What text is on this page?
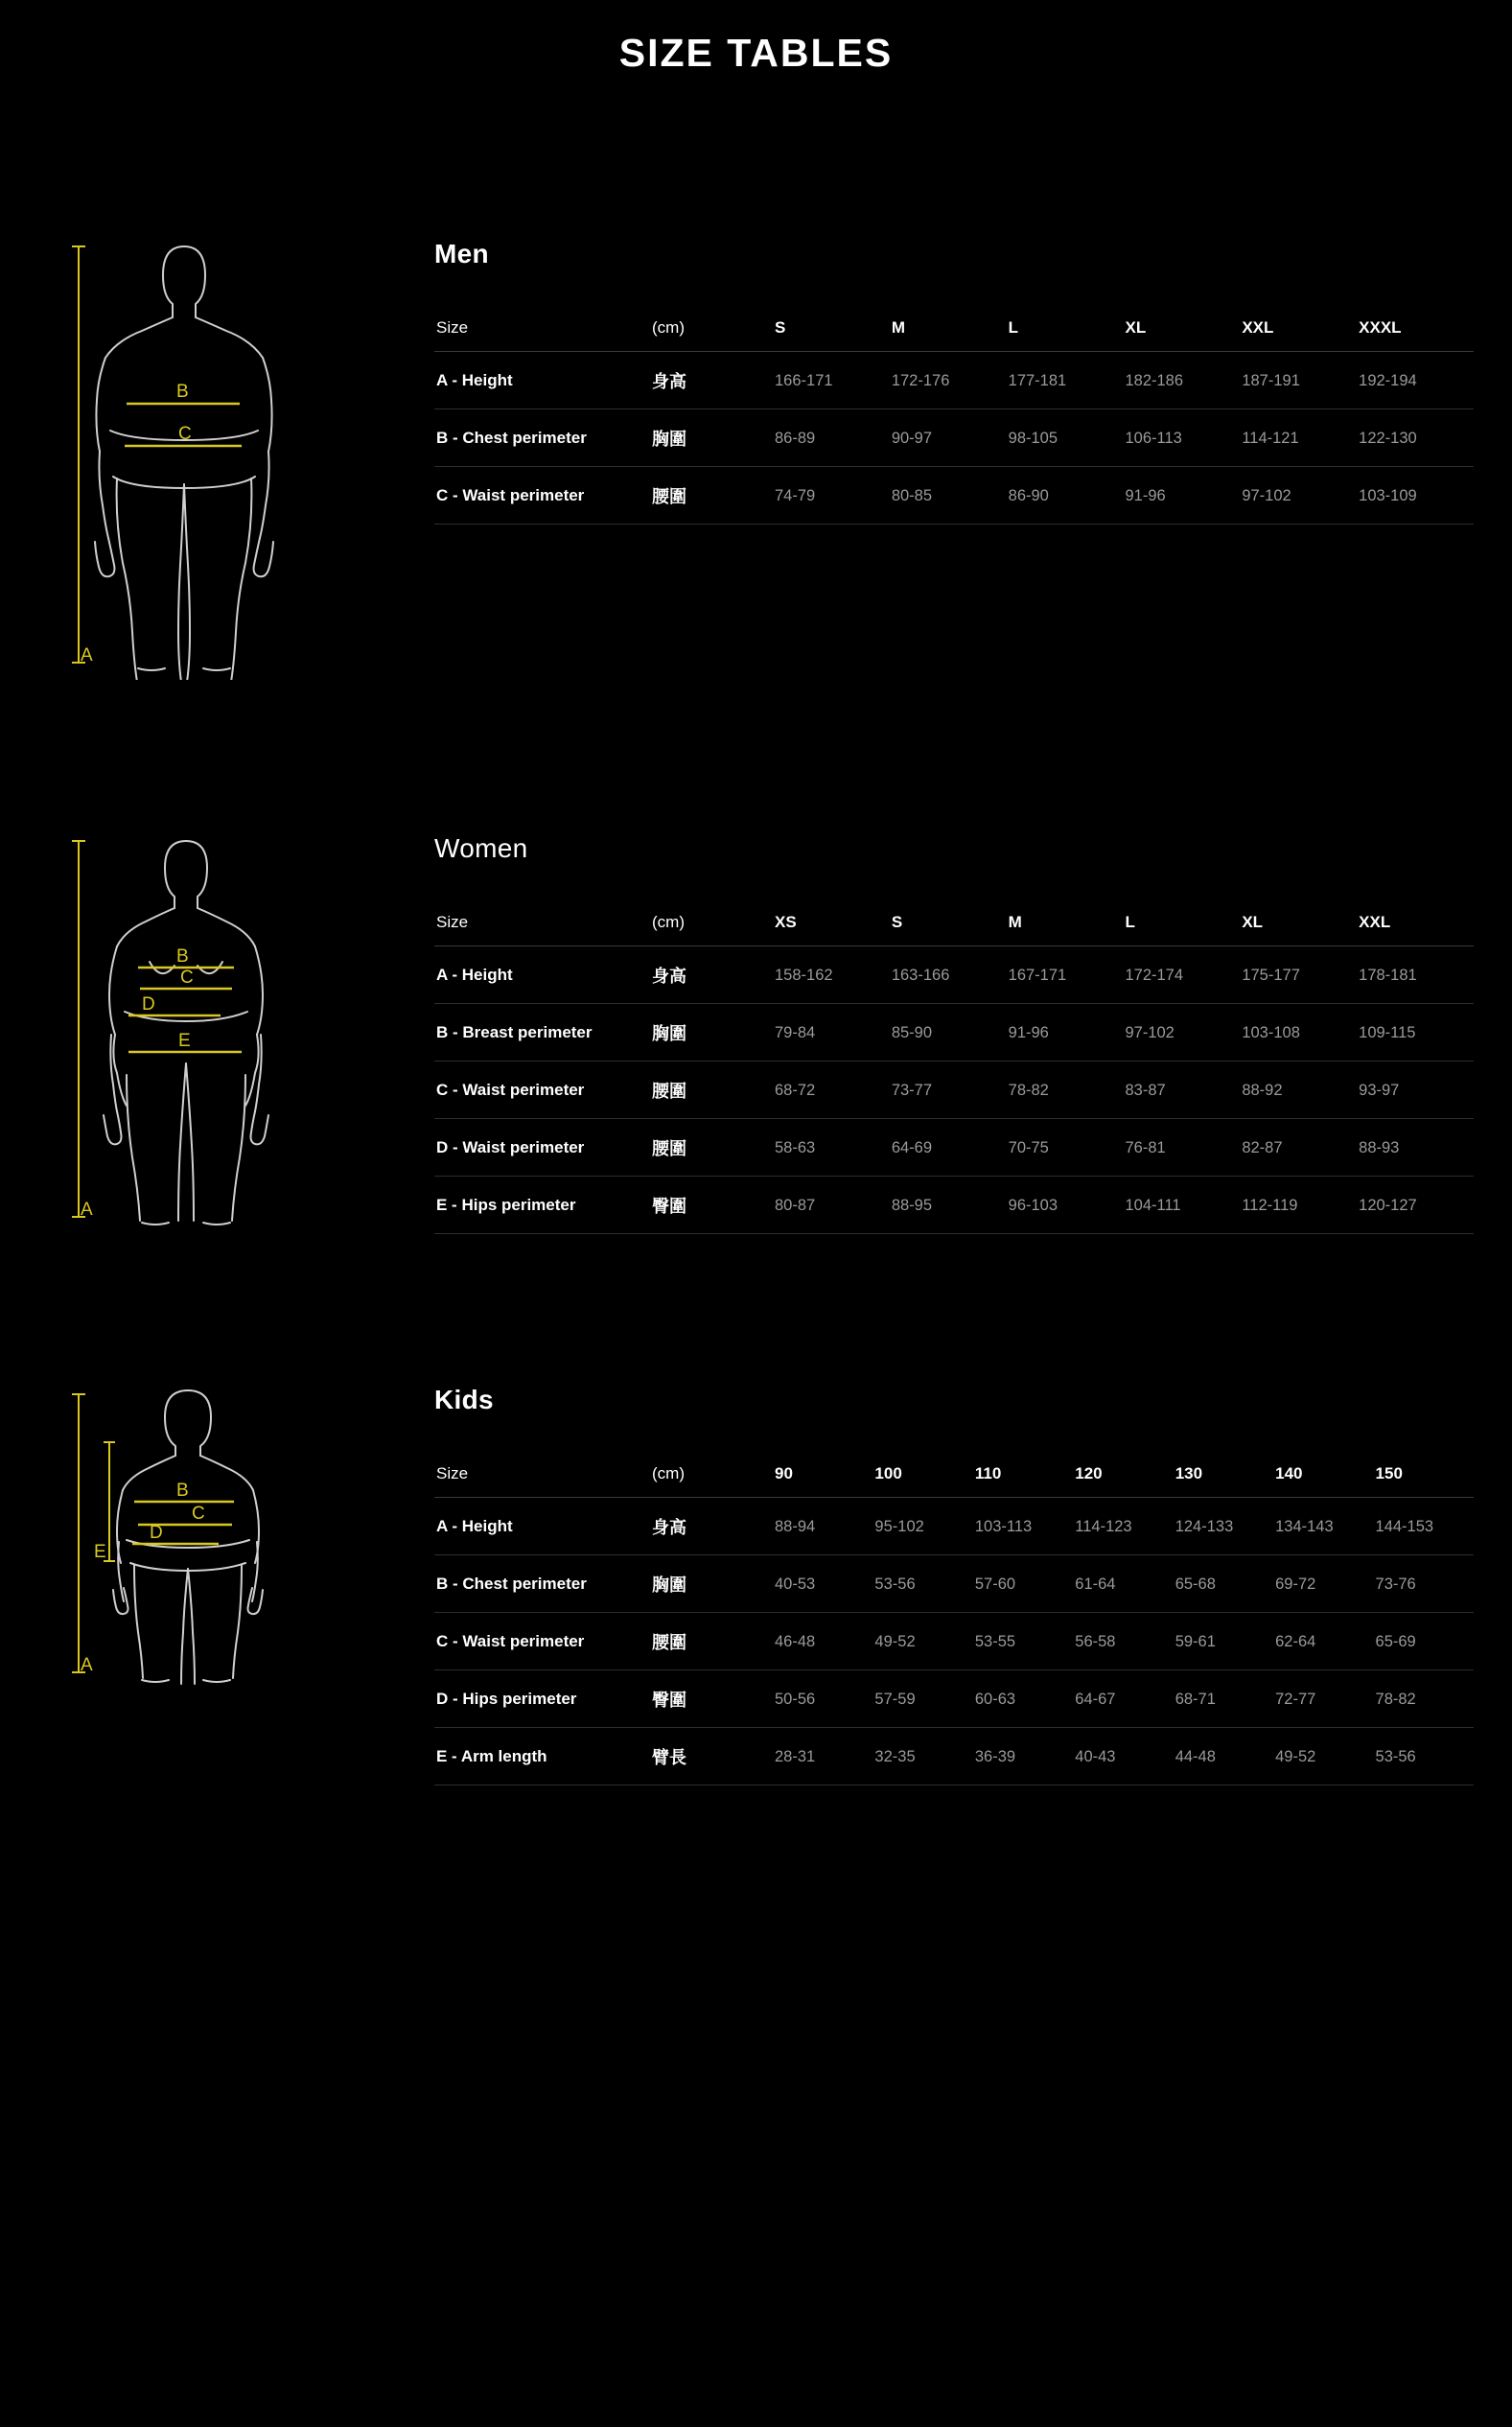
SIZE TABLES
A
B
C
Men
Size	(cm)	S	M	L	XL	XXL	XXXL
A - Height	身高	166-171	172-176	177-181	182-186	187-191	192-194
B - Chest perimeter	胸圍	86-89	90-97	98-105	106-113	114-121	122-130
C - Waist perimeter	腰圍	74-79	80-85	86-90	91-96	97-102	103-109
A
B
C
D
E
Women
Size	(cm)	XS	S	M	L	XL	XXL
A - Height	身高	158-162	163-166	167-171	172-174	175-177	178-181
B - Breast perimeter	胸圍	79-84	85-90	91-96	97-102	103-108	109-115
C - Waist perimeter	腰圍	68-72	73-77	78-82	83-87	88-92	93-97
D - Waist perimeter	腰圍	58-63	64-69	70-75	76-81	82-87	88-93
E - Hips perimeter	臀圍	80-87	88-95	96-103	104-111	112-119	120-127
A
E
B
C
D
Kids
Size	(cm)	90	100	110	120	130	140	150
A - Height	身高	88-94	95-102	103-113	114-123	124-133	134-143	144-153
B - Chest perimeter	胸圍	40-53	53-56	57-60	61-64	65-68	69-72	73-76
C - Waist perimeter	腰圍	46-48	49-52	53-55	56-58	59-61	62-64	65-69
D - Hips perimeter	臀圍	50-56	57-59	60-63	64-67	68-71	72-77	78-82
E - Arm length	臂長	28-31	32-35	36-39	40-43	44-48	49-52	53-56
